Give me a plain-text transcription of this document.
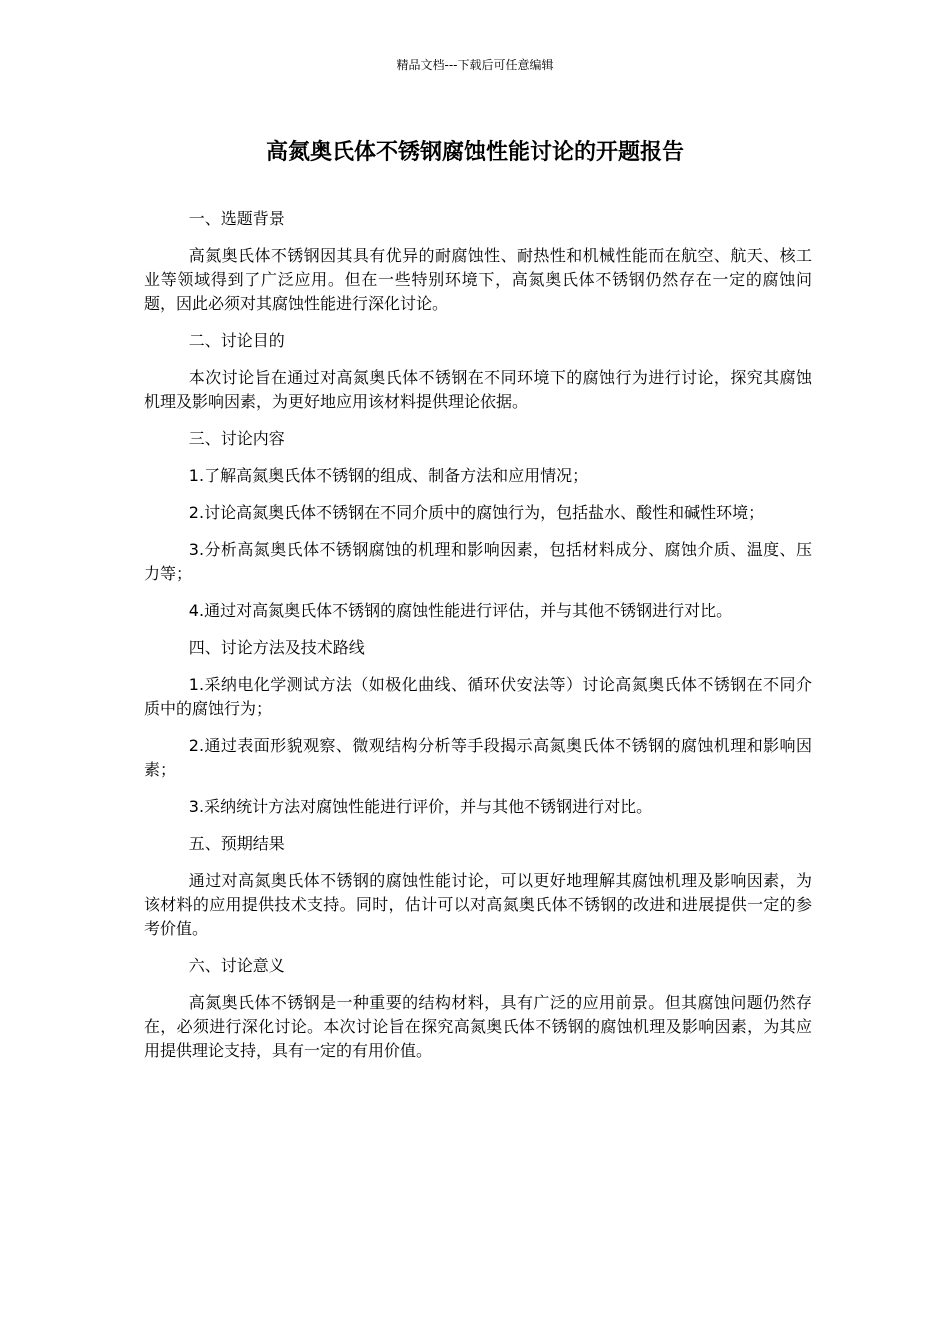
精品文档---下载后可任意编辑
高氮奥氏体不锈钢腐蚀性能讨论的开题报告

一、选题背景

高氮奥氏体不锈钢因其具有优异的耐腐蚀性、耐热性和机械性能而在航空、航天、核工业等领域得到了广泛应用。但在一些特别环境下，高氮奥氏体不锈钢仍然存在一定的腐蚀问题，因此必须对其腐蚀性能进行深化讨论。

二、讨论目的

本次讨论旨在通过对高氮奥氏体不锈钢在不同环境下的腐蚀行为进行讨论，探究其腐蚀机理及影响因素，为更好地应用该材料提供理论依据。

三、讨论内容

1.了解高氮奥氏体不锈钢的组成、制备方法和应用情况；

2.讨论高氮奥氏体不锈钢在不同介质中的腐蚀行为，包括盐水、酸性和碱性环境；

3.分析高氮奥氏体不锈钢腐蚀的机理和影响因素，包括材料成分、腐蚀介质、温度、压力等；

4.通过对高氮奥氏体不锈钢的腐蚀性能进行评估，并与其他不锈钢进行对比。

四、讨论方法及技术路线

1.采纳电化学测试方法（如极化曲线、循环伏安法等）讨论高氮奥氏体不锈钢在不同介质中的腐蚀行为；

2.通过表面形貌观察、微观结构分析等手段揭示高氮奥氏体不锈钢的腐蚀机理和影响因素；

3.采纳统计方法对腐蚀性能进行评价，并与其他不锈钢进行对比。

五、预期结果

通过对高氮奥氏体不锈钢的腐蚀性能讨论，可以更好地理解其腐蚀机理及影响因素，为该材料的应用提供技术支持。同时，估计可以对高氮奥氏体不锈钢的改进和进展提供一定的参考价值。

六、讨论意义

高氮奥氏体不锈钢是一种重要的结构材料，具有广泛的应用前景。但其腐蚀问题仍然存在，必须进行深化讨论。本次讨论旨在探究高氮奥氏体不锈钢的腐蚀机理及影响因素，为其应用提供理论支持，具有一定的有用价值。
